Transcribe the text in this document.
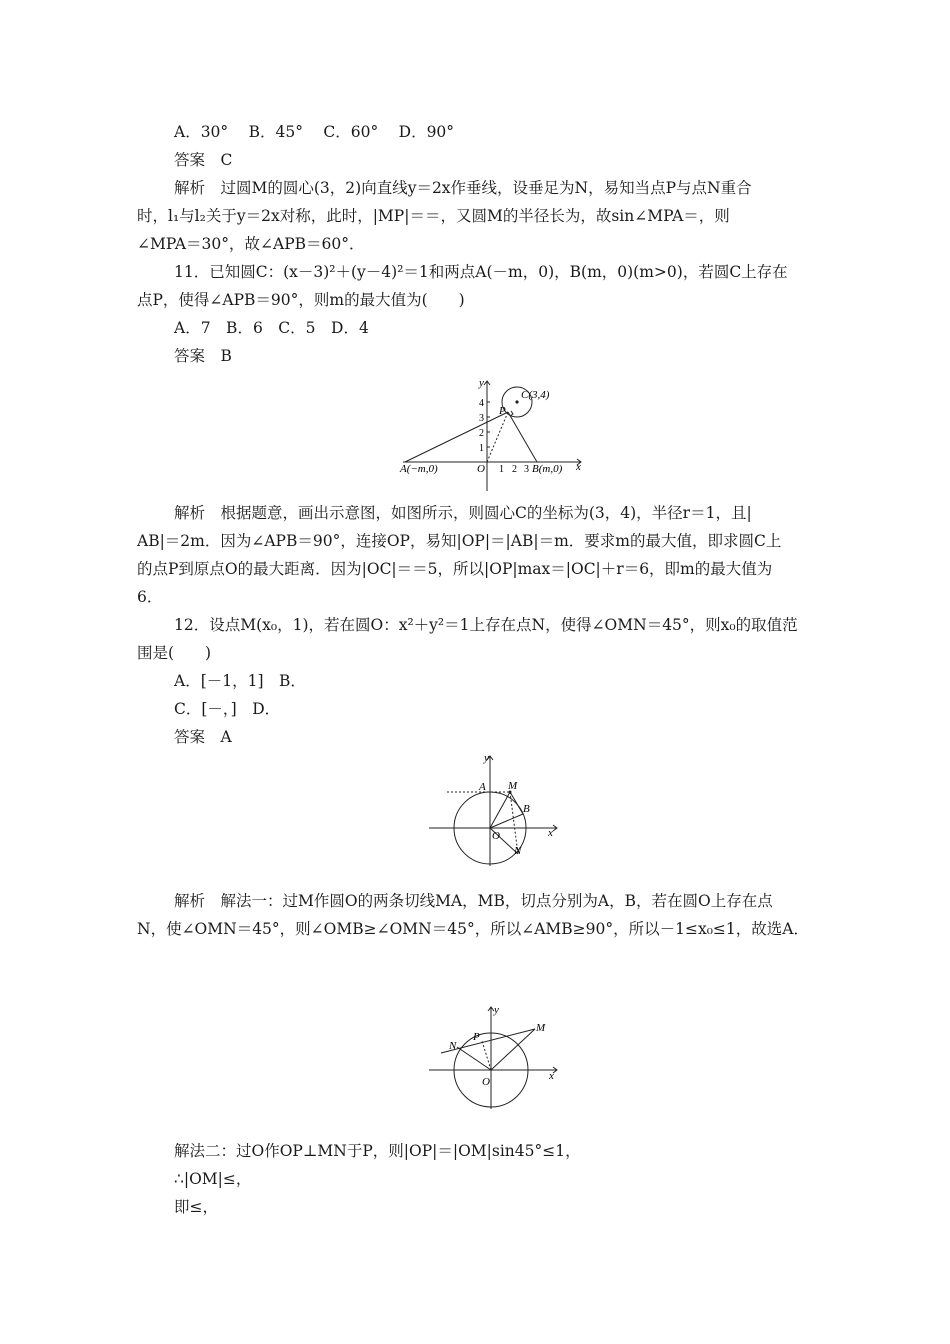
A．30°　 B．45°　 C．60°　 D．90°
答案　C
解析　过圆M的圆心(3，2)向直线y＝2x作垂线，设垂足为N，易知当点P与点N重合
时，l₁与l₂关于y＝2x对称，此时，|MP|＝＝，又圆M的半径长为，故sin∠MPA＝，则
∠MPA＝30°，故∠APB＝60°．
11．已知圆C：(x－3)²＋(y－4)²＝1和两点A(－m，0)，B(m，0)(m>0)，若圆C上存在
点P，使得∠APB＝90°，则m的最大值为(　　)
A．7　B．6　C．5　D．4
答案　B
y
x
O
A(−m,0)	B(m,0)
P
C(3,4)
1
2
3
4
1 2 3
解析　根据题意，画出示意图，如图所示，则圆心C的坐标为(3，4)，半径r＝1，且|
AB|＝2m．因为∠APB＝90°，连接OP，易知|OP|＝|AB|＝m．要求m的最大值，即求圆C上
的点P到原点O的最大距离．因为|OC|＝＝5，所以|OP|max＝|OC|＋r＝6，即m的最大值为
6．
12．设点M(x₀，1)，若在圆O：x²＋y²＝1上存在点N，使得∠OMN＝45°，则x₀的取值范
围是(　　)
A．[－1，1]　B．
C．[－，]　D．
答案　A
y
x
O
A M
B
N
解析　解法一：过M作圆O的两条切线MA，MB，切点分别为A，B，若在圆O上存在点
N，使∠OMN＝45°，则∠OMB≥∠OMN＝45°，所以∠AMB≥90°，所以－1≤x₀≤1，故选A．
y
x
O
N
P
M
解法二：过O作OP⊥MN于P，则|OP|＝|OM|sin45°≤1，
∴|OM|≤，
即≤，
